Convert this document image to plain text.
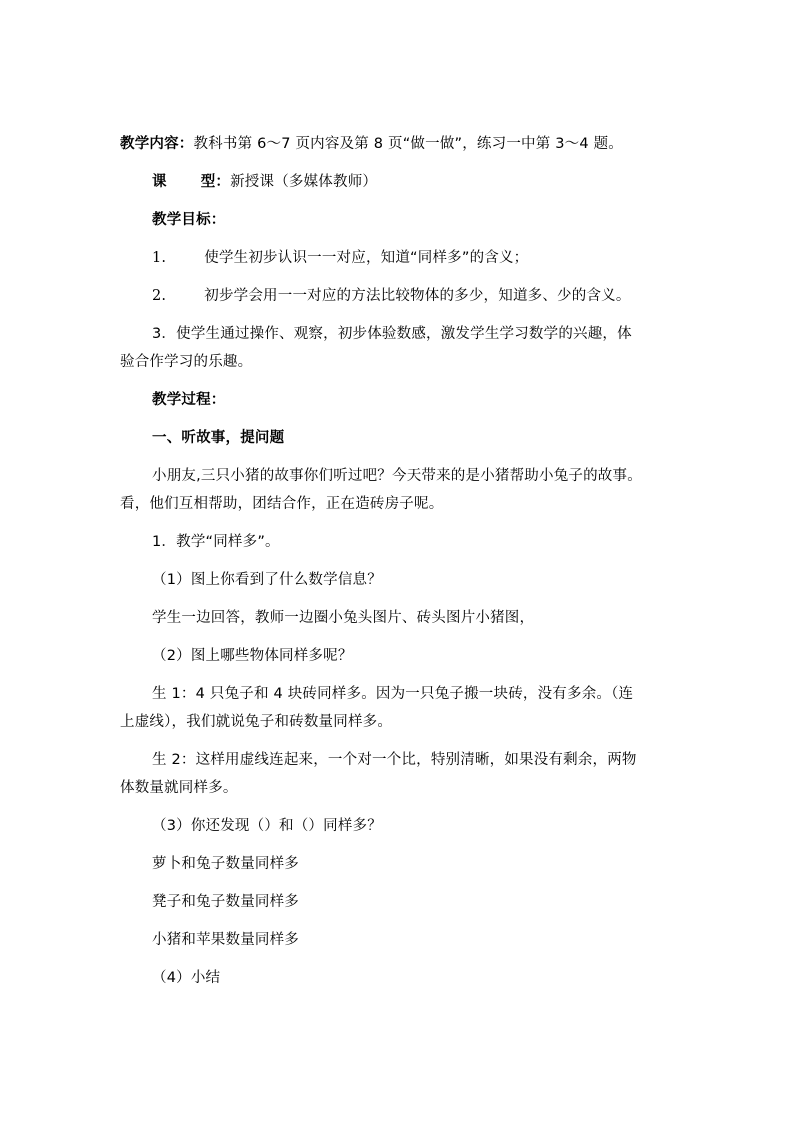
教学内容：教科书第 6～7 页内容及第 8 页“做一做”，练习一中第 3～4 题。
课 型：新授课（多媒体教师）
教学目标：
1.	使学生初步认识一一对应，知道“同样多”的含义；
2.	初步学会用一一对应的方法比较物体的多少，知道多、少的含义。
3．使学生通过操作、观察，初步体验数感，激发学生学习数学的兴趣，体
验合作学习的乐趣。
教学过程：
一、听故事，提问题
小朋友,三只小猪的故事你们听过吧？今天带来的是小猪帮助小兔子的故事。
看，他们互相帮助，团结合作，正在造砖房子呢。
1．教学“同样多”。
（1）图上你看到了什么数学信息？
学生一边回答，教师一边圈小兔头图片、砖头图片小猪图，
（2）图上哪些物体同样多呢？
生 1：4 只兔子和 4 块砖同样多。因为一只兔子搬一块砖，没有多余。（连
上虚线），我们就说兔子和砖数量同样多。
生 2：这样用虚线连起来，一个对一个比，特别清晰，如果没有剩余，两物
体数量就同样多。
（3）你还发现（）和（）同样多？
萝卜和兔子数量同样多
凳子和兔子数量同样多
小猪和苹果数量同样多
（4）小结
